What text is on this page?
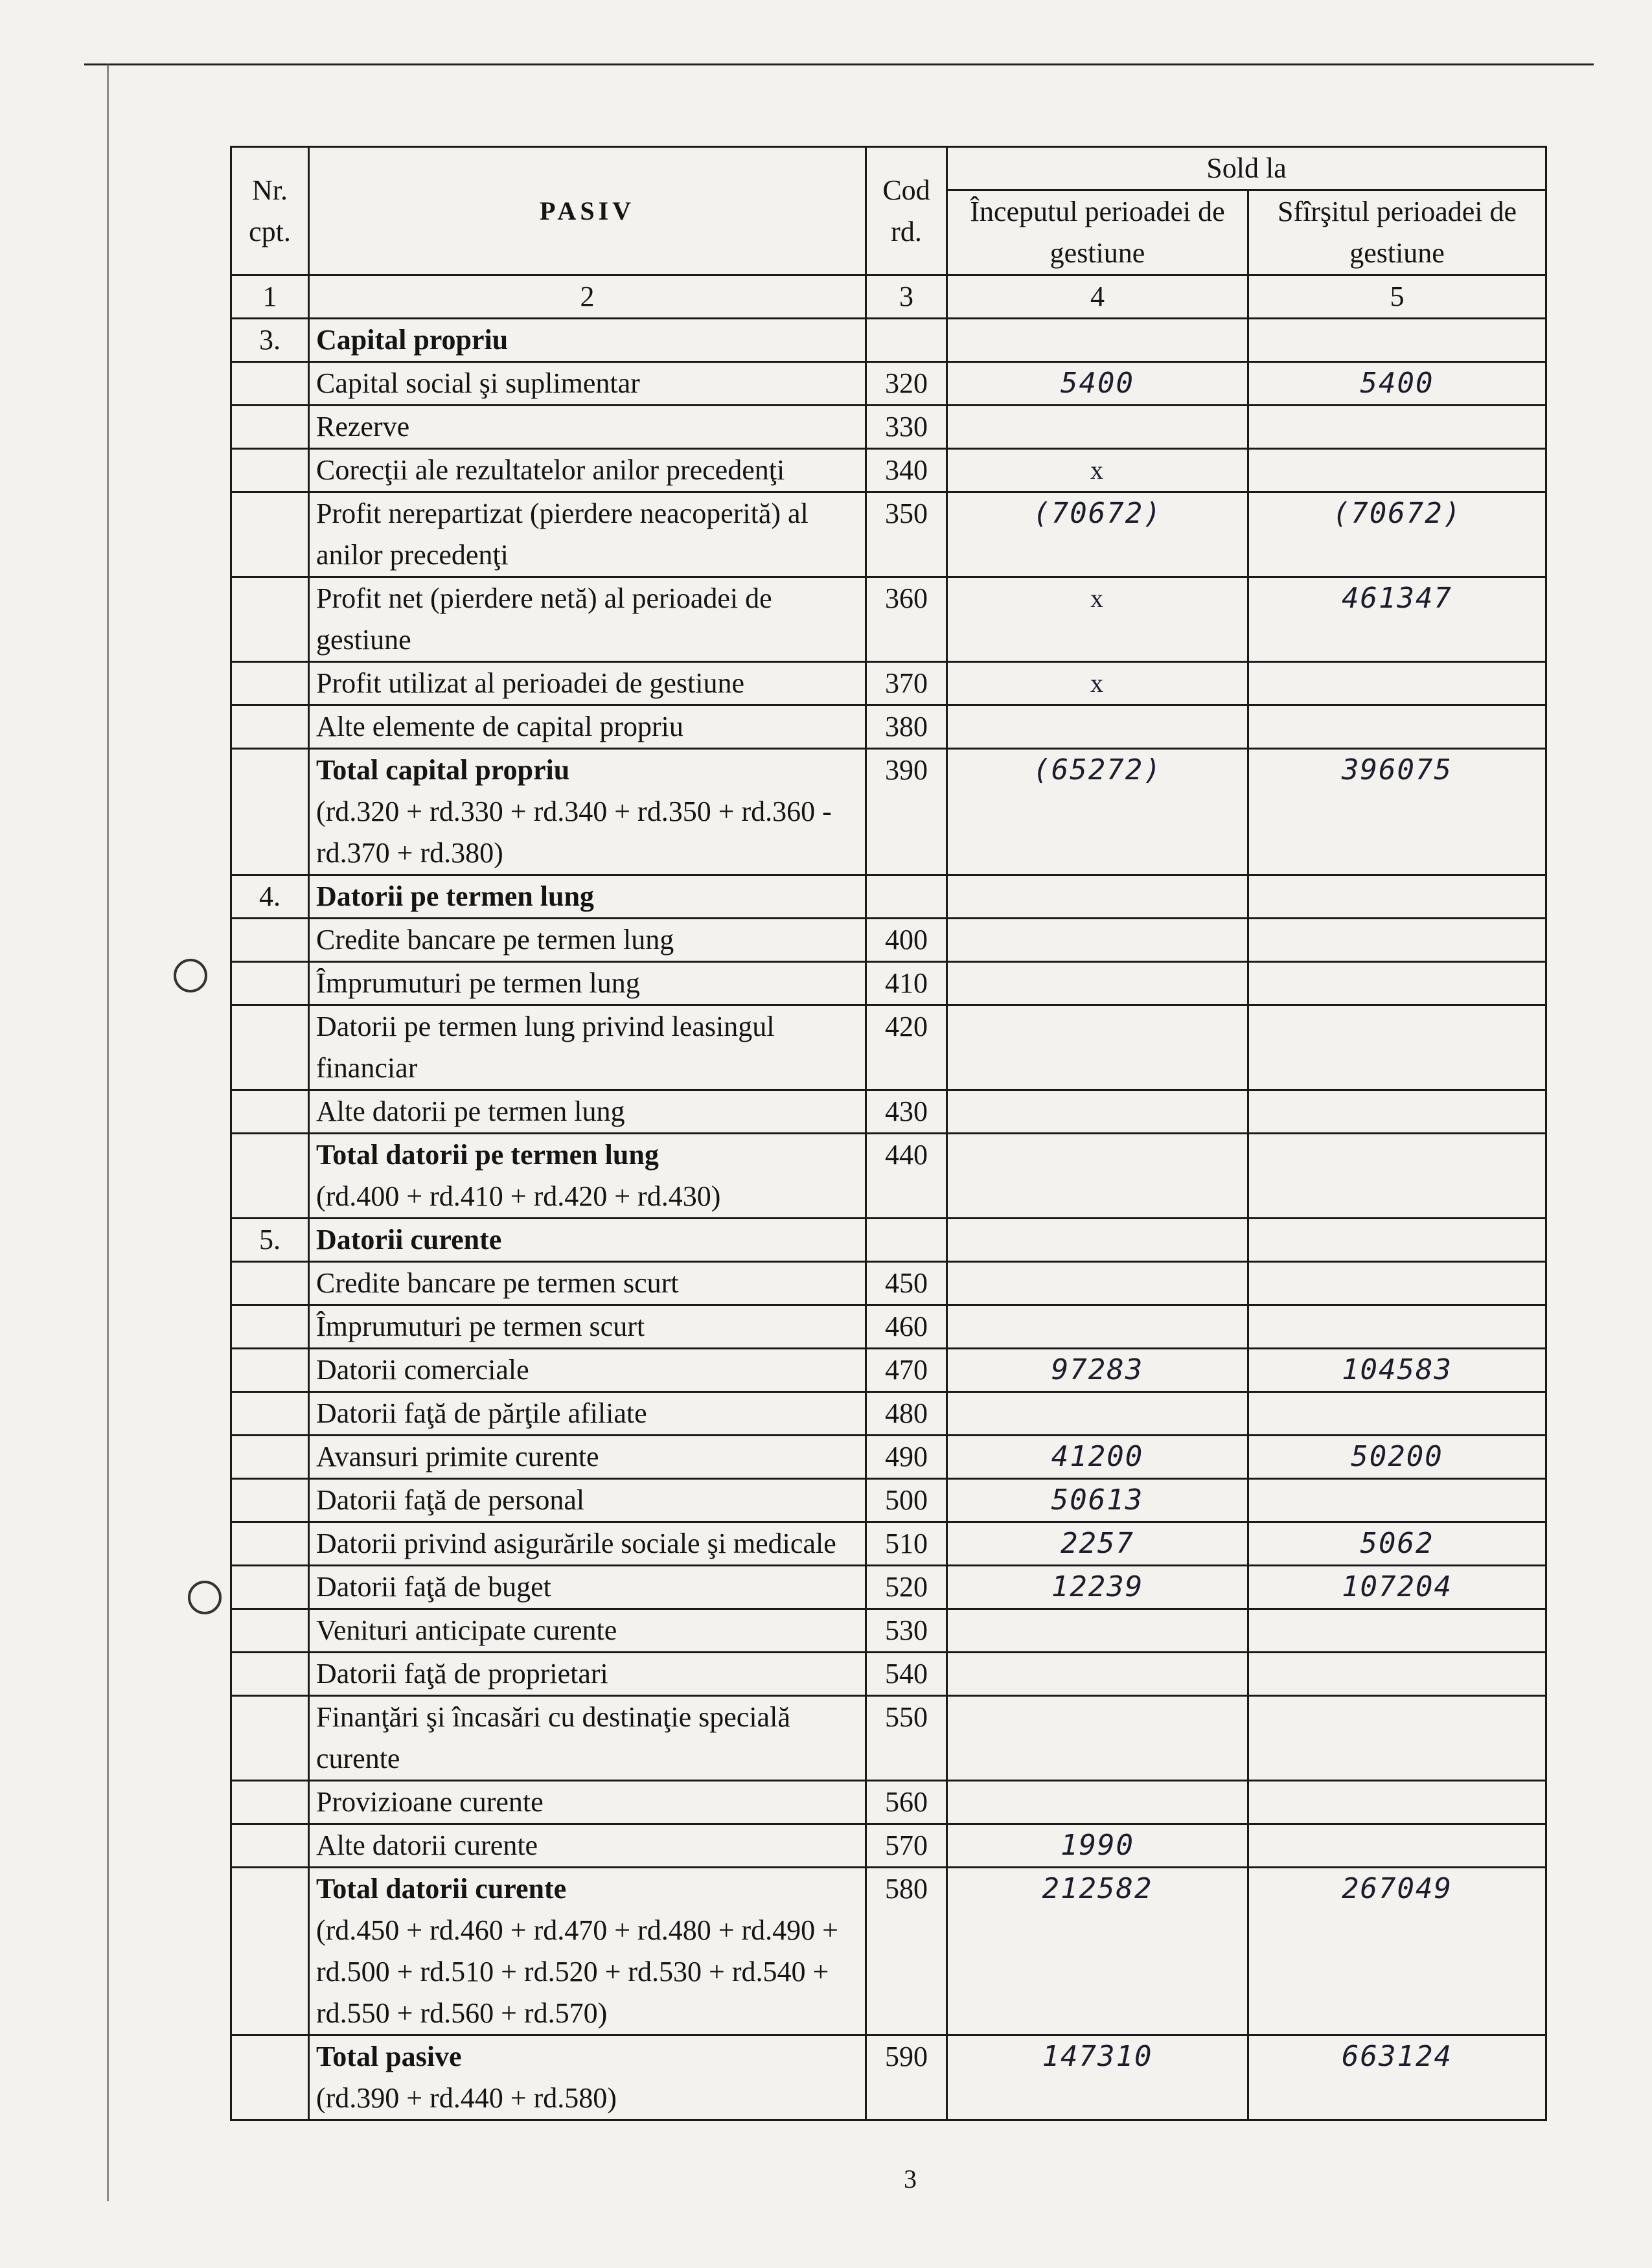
Nr. cpt.	PASIV	Cod rd.	Sold la	
			Începutul perioadei de gestiune	Sfîrşitul perioadei de gestiune
1	2	3	4	5
3.	Capital propriu			
	Capital social şi suplimentar	320	5400	5400
	Rezerve	330		
	Corecţii ale rezultatelor anilor precedenţi	340	x	
	Profit nerepartizat (pierdere neacoperită) al anilor precedenţi	350	(70672)	(70672)
	Profit net (pierdere netă) al perioadei de gestiune	360	x	461347
	Profit utilizat al perioadei de gestiune	370	x	
	Alte elemente de capital propriu	380		
	Total capital propriu
(rd.320 + rd.330 + rd.340 + rd.350 + rd.360 - rd.370 + rd.380)	390	(65272)	396075
4.	Datorii pe termen lung			
	Credite bancare pe termen lung	400		
	Împrumuturi pe termen lung	410		
	Datorii pe termen lung privind leasingul financiar	420		
	Alte datorii pe termen lung	430		
	Total datorii pe termen lung
(rd.400 + rd.410 + rd.420 + rd.430)	440		
5.	Datorii curente			
	Credite bancare pe termen scurt	450		
	Împrumuturi pe termen scurt	460		
	Datorii comerciale	470	97283	104583
	Datorii faţă de părţile afiliate	480		
	Avansuri primite curente	490	41200	50200
	Datorii faţă de personal	500	50613	
	Datorii privind asigurările sociale şi medicale	510	2257	5062
	Datorii faţă de buget	520	12239	107204
	Venituri anticipate curente	530		
	Datorii faţă de proprietari	540		
	Finanţări şi încasări cu destinaţie specială curente	550		
	Provizioane curente	560		
	Alte datorii curente	570	1990	
	Total datorii curente
(rd.450 + rd.460 + rd.470 + rd.480 + rd.490 + rd.500 + rd.510 + rd.520 + rd.530 + rd.540 + rd.550 + rd.560 + rd.570)	580	212582	267049
	Total pasive
(rd.390 + rd.440 + rd.580)	590	147310	663124
3
